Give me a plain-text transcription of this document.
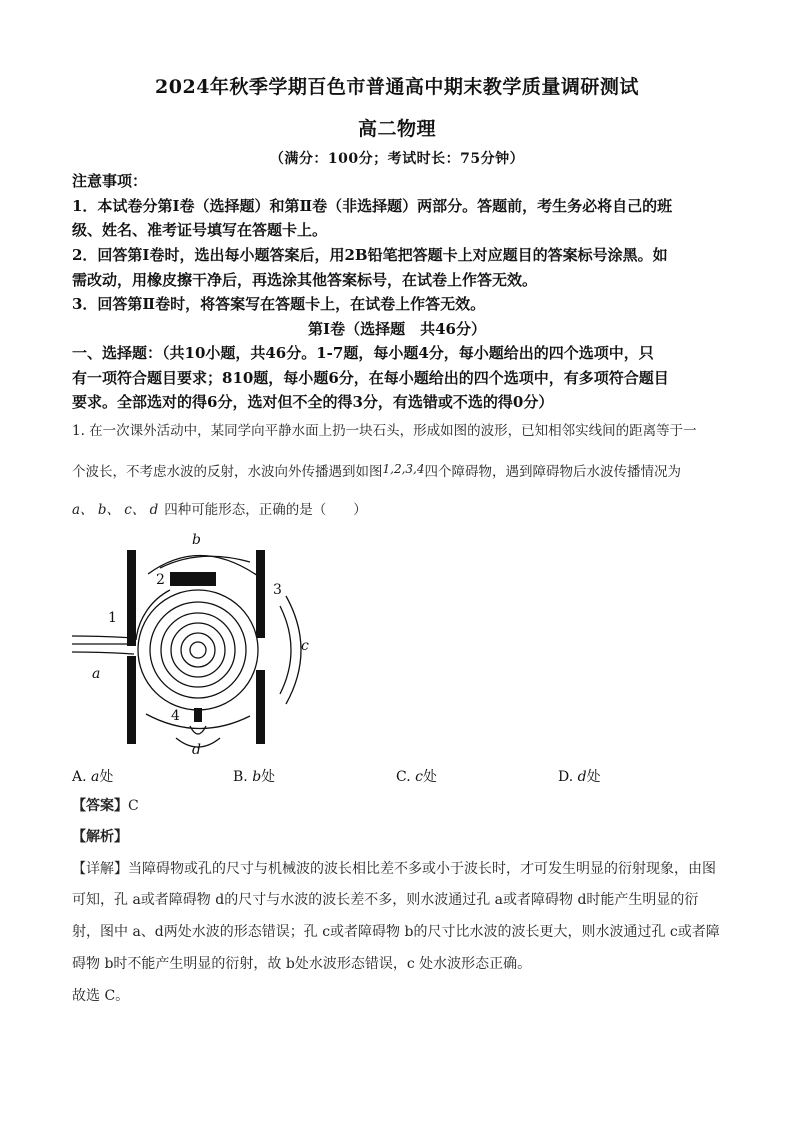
2024年秋季学期百色市普通高中期末教学质量调研测试
高二物理
（满分：100分；考试时长：75分钟）
注意事项：
1．本试卷分第Ⅰ卷（选择题）和第Ⅱ卷（非选择题）两部分。答题前，考生务必将自己的班
级、姓名、准考证号填写在答题卡上。
2．回答第Ⅰ卷时，选出每小题答案后，用2B铅笔把答题卡上对应题目的答案标号涂黑。如
需改动，用橡皮擦干净后，再选涂其他答案标号，在试卷上作答无效。
3．回答第Ⅱ卷时，将答案写在答题卡上，在试卷上作答无效。
第Ⅰ卷（选择题　共46分）
一、选择题：（共10小题，共46分。1-7题，每小题4分，每小题给出的四个选项中，只
有一项符合题目要求；810题，每小题6分，在每小题给出的四个选项中，有多项符合题目
要求。全部选对的得6分，选对但不全的得3分，有选错或不选的得0分）
1. 在一次课外活动中，某同学向平静水面上扔一块石头，形成如图的波形，已知相邻实线间的距离等于一
个波长，不考虑水波的反射，水波向外传播遇到如图1,2,3,4四个障碍物，遇到障碍物后水波传播情况为
a、 b、 c、 d 四种可能形态，正确的是（　　）
1
2
3
4
a
b
c
d
A. a处	B. b处	C. c处	D. d处
【答案】C
【解析】
【详解】当障碍物或孔的尺寸与机械波的波长相比差不多或小于波长时，才可发生明显的衍射现象，由图
可知，孔 a或者障碍物 d的尺寸与水波的波长差不多，则水波通过孔 a或者障碍物 d时能产生明显的衍
射，图中 a、d两处水波的形态错误；孔 c或者障碍物 b的尺寸比水波的波长更大，则水波通过孔 c或者障
碍物 b时不能产生明显的衍射，故 b处水波形态错误，c 处水波形态正确。
故选 C。
